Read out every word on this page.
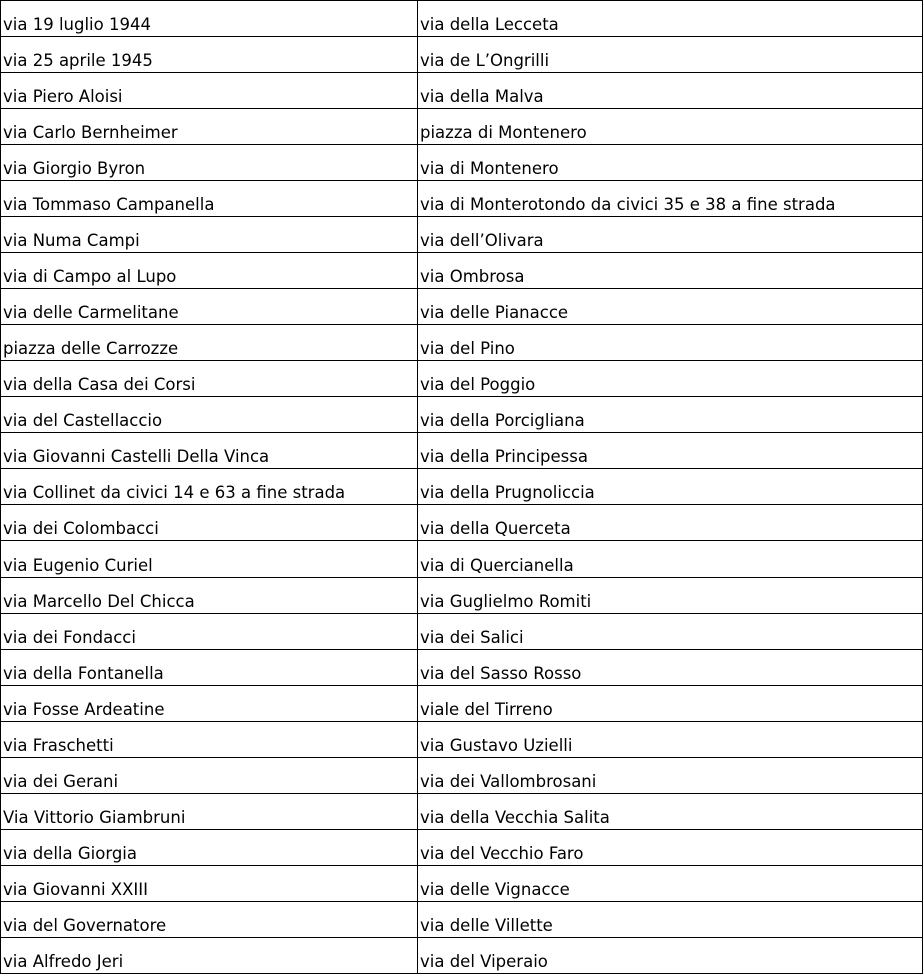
via 19 luglio 1944	via della Lecceta

via 25 aprile 1945	via de L’Ongrilli

via Piero Aloisi	via della Malva

via Carlo Bernheimer	piazza di Montenero

via Giorgio Byron	via di Montenero

via Tommaso Campanella	via di Monterotondo da civici 35 e 38 a fine strada

via Numa Campi	via dell’Olivara

via di Campo al Lupo	via Ombrosa

via delle Carmelitane	via delle Pianacce

piazza delle Carrozze	via del Pino

via della Casa dei Corsi	via del Poggio

via del Castellaccio	via della Porcigliana

via Giovanni Castelli Della Vinca	via della Principessa

via Collinet da civici 14 e 63 a fine strada	via della Prugnoliccia

via dei Colombacci	via della Querceta

via Eugenio Curiel	via di Quercianella

via Marcello Del Chicca	via Guglielmo Romiti

via dei Fondacci	via dei Salici

via della Fontanella	via del Sasso Rosso

via Fosse Ardeatine	viale del Tirreno

via Fraschetti	via Gustavo Uzielli

via dei Gerani	via dei Vallombrosani

Via Vittorio Giambruni	via della Vecchia Salita

via della Giorgia	via del Vecchio Faro

via Giovanni XXIII	via delle Vignacce

via del Governatore	via delle Villette

via Alfredo Jeri	via del Viperaio
